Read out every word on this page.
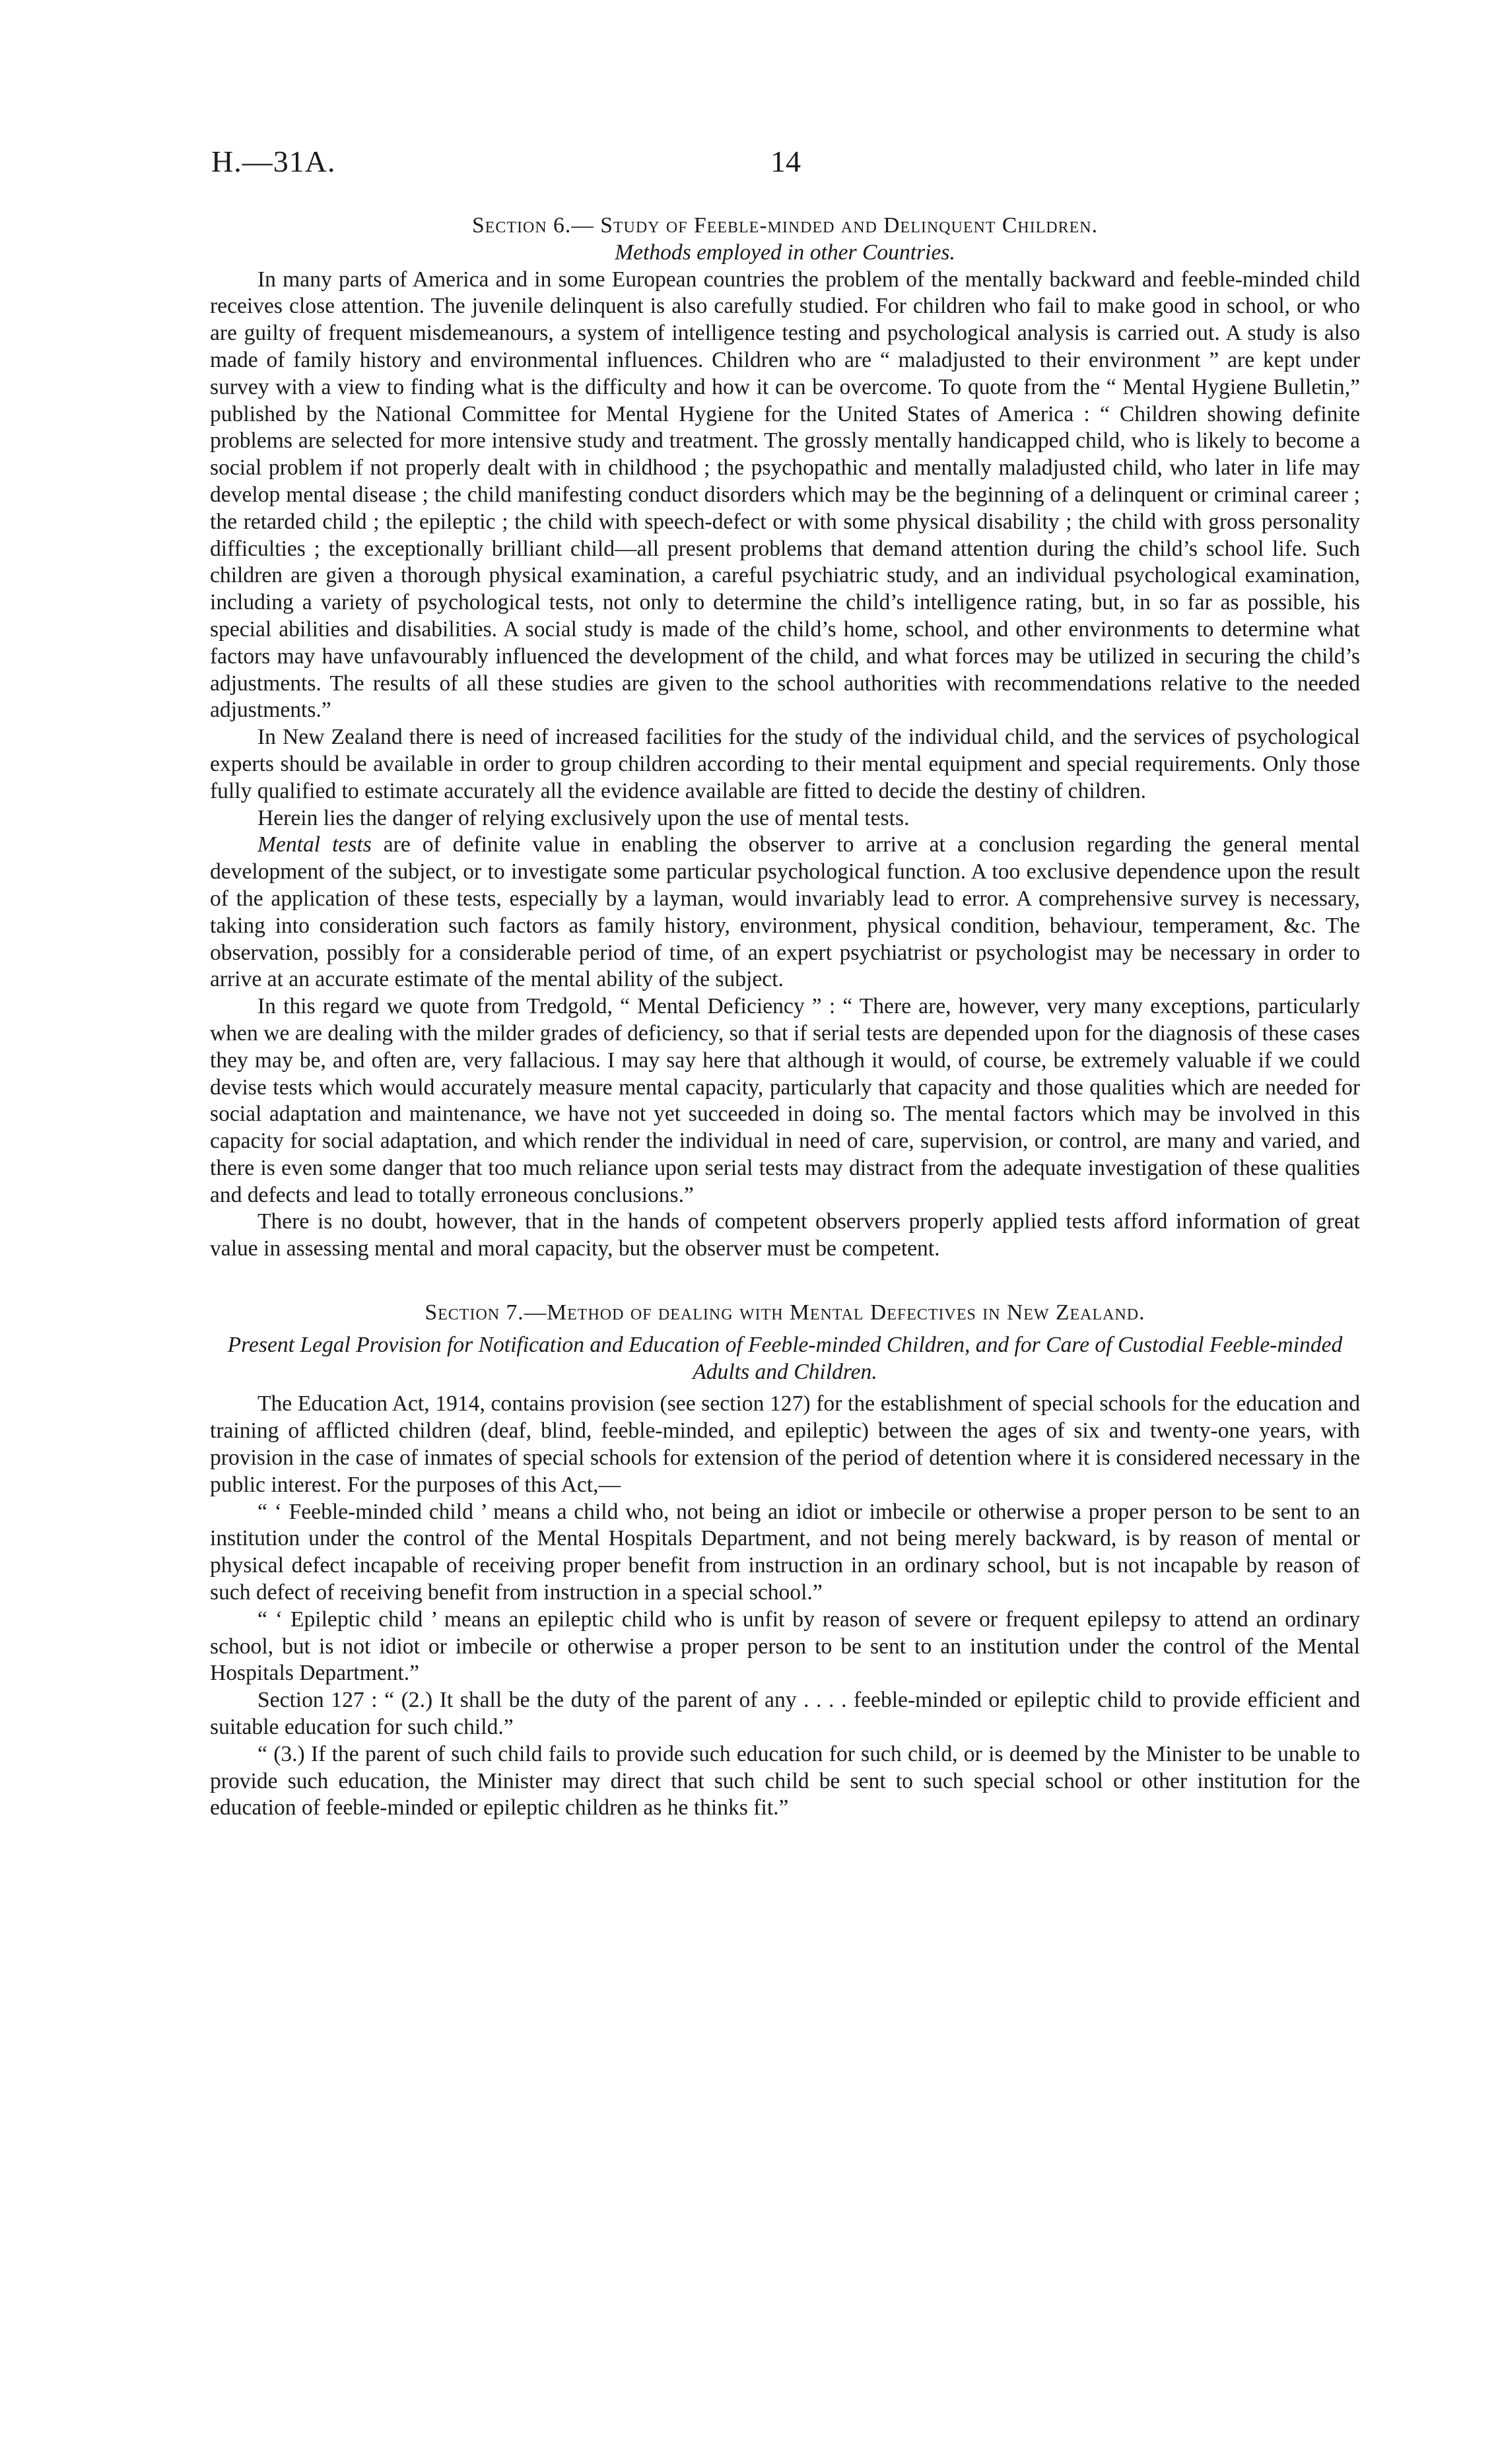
H.—31A.	14

Section 6.— Study of Feeble-minded and Delinquent Children.

Methods employed in other Countries.

In many parts of America and in some European countries the problem of the mentally backward and feeble-minded child receives close attention. The juvenile delinquent is also carefully studied. For children who fail to make good in school, or who are guilty of frequent misdemeanours, a system of intelligence testing and psychological analysis is carried out. A study is also made of family history and environmental influences. Children who are “ maladjusted to their environment ” are kept under survey with a view to finding what is the difficulty and how it can be overcome. To quote from the “ Mental Hygiene Bulletin,” published by the National Committee for Mental Hygiene for the United States of America : “ Children showing definite problems are selected for more intensive study and treatment. The grossly mentally handicapped child, who is likely to become a social problem if not properly dealt with in childhood ; the psychopathic and mentally maladjusted child, who later in life may develop mental disease ; the child manifesting conduct disorders which may be the beginning of a delinquent or criminal career ; the retarded child ; the epileptic ; the child with speech-defect or with some physical disability ; the child with gross personality difficulties ; the exceptionally brilliant child—all present problems that demand attention during the child’s school life. Such children are given a thorough physical examination, a careful psychiatric study, and an individual psychological examination, including a variety of psychological tests, not only to determine the child’s intelligence rating, but, in so far as possible, his special abilities and disabilities. A social study is made of the child’s home, school, and other environments to determine what factors may have unfavourably influenced the development of the child, and what forces may be utilized in securing the child’s adjustments. The results of all these studies are given to the school authorities with recommendations relative to the needed adjustments.”

In New Zealand there is need of increased facilities for the study of the individual child, and the services of psychological experts should be available in order to group children according to their mental equipment and special requirements. Only those fully qualified to estimate accurately all the evidence available are fitted to decide the destiny of children.

Herein lies the danger of relying exclusively upon the use of mental tests.

Mental tests are of definite value in enabling the observer to arrive at a conclusion regarding the general mental development of the subject, or to investigate some particular psychological function. A too exclusive dependence upon the result of the application of these tests, especially by a layman, would invariably lead to error. A comprehensive survey is necessary, taking into consideration such factors as family history, environment, physical condition, behaviour, temperament, &c. The observation, possibly for a considerable period of time, of an expert psychiatrist or psychologist may be necessary in order to arrive at an accurate estimate of the mental ability of the subject.

In this regard we quote from Tredgold, “ Mental Deficiency ” : “ There are, however, very many exceptions, particularly when we are dealing with the milder grades of deficiency, so that if serial tests are depended upon for the diagnosis of these cases they may be, and often are, very fallacious. I may say here that although it would, of course, be extremely valuable if we could devise tests which would accurately measure mental capacity, particularly that capacity and those qualities which are needed for social adaptation and maintenance, we have not yet succeeded in doing so. The mental factors which may be involved in this capacity for social adaptation, and which render the individual in need of care, supervision, or control, are many and varied, and there is even some danger that too much reliance upon serial tests may distract from the adequate investigation of these qualities and defects and lead to totally erroneous conclusions.”

There is no doubt, however, that in the hands of competent observers properly applied tests afford information of great value in assessing mental and moral capacity, but the observer must be competent.

Section 7.—Method of dealing with Mental Defectives in New Zealand.

Present Legal Provision for Notification and Education of Feeble-minded Children, and for Care of Custodial Feeble-minded Adults and Children.

The Education Act, 1914, contains provision (see section 127) for the establishment of special schools for the education and training of afflicted children (deaf, blind, feeble-minded, and epileptic) between the ages of six and twenty-one years, with provision in the case of inmates of special schools for extension of the period of detention where it is considered necessary in the public interest. For the purposes of this Act,—

“ ‘ Feeble-minded child ’ means a child who, not being an idiot or imbecile or otherwise a proper person to be sent to an institution under the control of the Mental Hospitals Department, and not being merely backward, is by reason of mental or physical defect incapable of receiving proper benefit from instruction in an ordinary school, but is not incapable by reason of such defect of receiving benefit from instruction in a special school.”

“ ‘ Epileptic child ’ means an epileptic child who is unfit by reason of severe or frequent epilepsy to attend an ordinary school, but is not idiot or imbecile or otherwise a proper person to be sent to an institution under the control of the Mental Hospitals Department.”

Section 127 : “ (2.) It shall be the duty of the parent of any . . . . feeble-minded or epileptic child to provide efficient and suitable education for such child.”

“ (3.) If the parent of such child fails to provide such education for such child, or is deemed by the Minister to be unable to provide such education, the Minister may direct that such child be sent to such special school or other institution for the education of feeble-minded or epileptic children as he thinks fit.”
